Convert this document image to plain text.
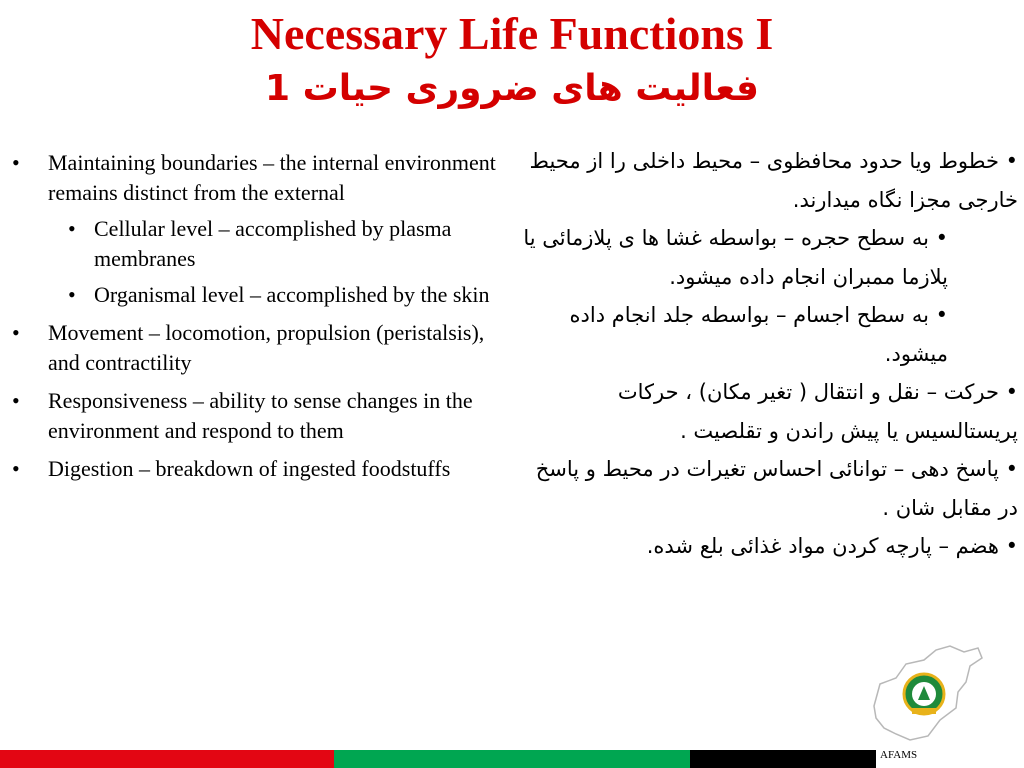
Necessary Life Functions I
فعالیت های ضروری حیات 1
• Maintaining boundaries – the internal environment remains distinct from the external
• Cellular level – accomplished by plasma membranes
• Organismal level – accomplished by the skin
• Movement – locomotion, propulsion (peristalsis), and contractility
• Responsiveness – ability to sense changes in the environment and respond to them
• Digestion – breakdown of ingested foodstuffs

• خطوط ویا حدود محافظوی – محیط داخلی را از محیط خارجی مجزا نگاه میدارند.

• به سطح حجره – بواسطه غشا ها ی پلازمائی یا پلازما ممبران انجام داده میشود.

• به سطح اجسام – بواسطه جلد انجام داده میشود.

• حرکت – نقل و انتقال ( تغیر مکان) ، حرکات پریستالسیس یا پیش راندن و تقلصیت .

• پاسخ دهی – توانائی احساس تغیرات در محیط و پاسخ در مقابل شان .

• هضم – پارچه کردن مواد غذائی بلع شده.

AFAMS
